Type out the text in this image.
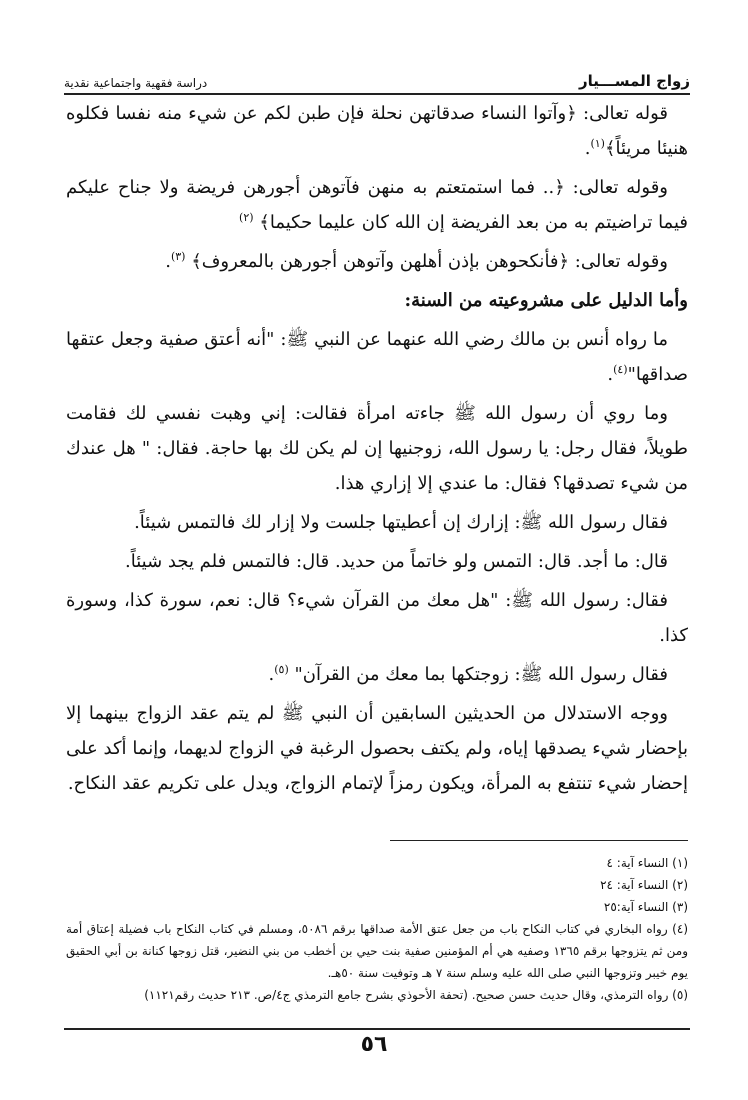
زواج المســـيار
دراسة فقهية واجتماعية نقدية

قوله تعالى: ﴿وآتوا النساء صدقاتهن نحلة فإن طبن لكم عن شيء منه نفسا فكلوه هنيئا مريئاً﴾$^{(١)}$.

وقوله تعالى: ﴿.. فما استمتعتم به منهن فآتوهن أجورهن فريضة ولا جناح عليكم فيما تراضيتم به من بعد الفريضة إن الله كان عليما حكيما﴾ $^{(٢)}$

وقوله تعالى: ﴿فأنكحوهن بإذن أهلهن وآتوهن أجورهن بالمعروف﴾ $^{(٣)}$.

وأما الدليل على مشروعيته من السنة:

ما رواه أنس بن مالك رضي الله عنهما عن النبي ﷺ: "أنه أعتق صفية وجعل عتقها صداقها"$^{(٤)}$.

وما روي أن رسول الله ﷺ جاءته امرأة فقالت: إني وهبت نفسي لك فقامت طويلاً، فقال رجل: يا رسول الله، زوجنيها إن لم يكن لك بها حاجة. فقال: " هل عندك من شيء تصدقها؟ فقال: ما عندي إلا إزاري هذا.

فقال رسول الله ﷺ: إزارك إن أعطيتها جلست ولا إزار لك فالتمس شيئاً.

قال: ما أجد. قال: التمس ولو خاتماً من حديد. قال: فالتمس فلم يجد شيئاً.

فقال: رسول الله ﷺ: "هل معك من القرآن شيء؟ قال: نعم، سورة كذا، وسورة كذا.

فقال رسول الله ﷺ: زوجتكها بما معك من القرآن" $^{(٥)}$.

ووجه الاستدلال من الحديثين السابقين أن النبي ﷺ لم يتم عقد الزواج بينهما إلا بإحضار شيء يصدقها إياه، ولم يكتف بحصول الرغبة في الزواج لديهما، وإنما أكد على إحضار شيء تنتفع به المرأة، ويكون رمزاً لإتمام الزواج، ويدل على تكريم عقد النكاح.

(١) النساء آية: ٤
(٢) النساء آية: ٢٤
(٣) النساء آية:٢٥
(٤) رواه البخاري في كتاب النكاح باب من جعل عتق الأمة صداقها برقم ٥٠٨٦، ومسلم في كتاب النكاح باب فضيلة إعتاق أمة ومن ثم يتزوجها برقم ١٣٦٥ وصفيه هي أم المؤمنين صفية بنت حيي بن أخطب من بني النضير، قتل زوجها كنانة بن أبي الحقيق يوم خيبر وتزوجها النبي صلى الله عليه وسلم سنة ٧ هـ وتوفيت سنة ٥٠هـ.
(٥) رواه الترمذي، وقال حديث حسن صحيح. (تحفة الأحوذي بشرح جامع الترمذي ج٤/ص. ٢١٣ حديث رقم١١٢١)
٥٦
